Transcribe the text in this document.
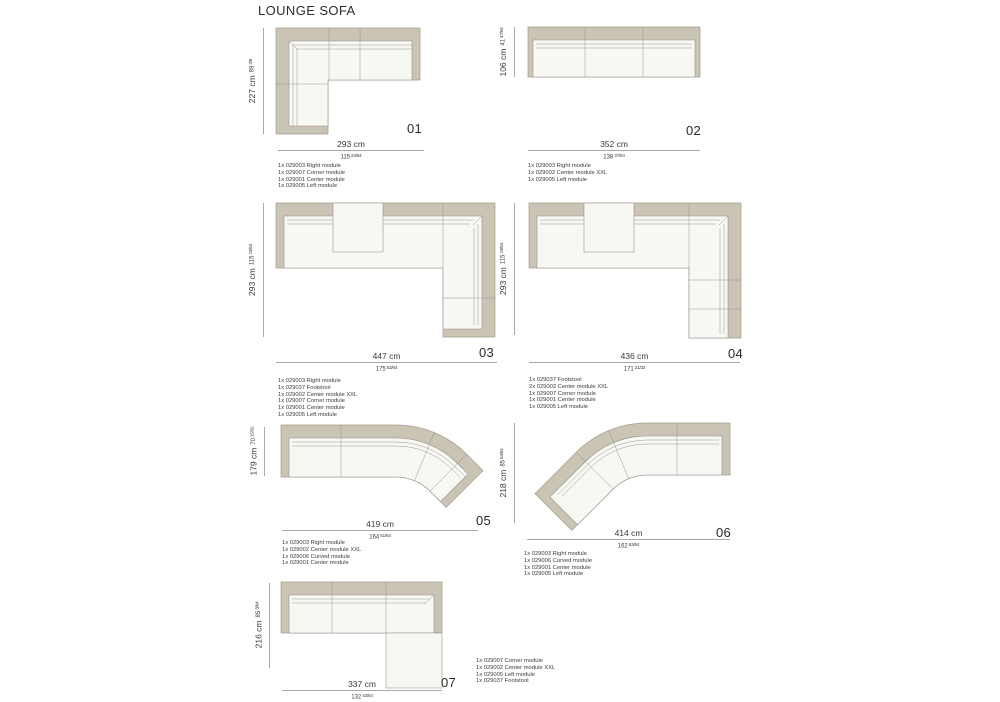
LOUNGE SOFA
227 cm
$89^{3/8}$
293 cm
$115^{23/64}$
01
1x 029003 Right module
1x 029007 Corner module
1x 029001 Center module
1x 029005 Left module
106 cm
$41^{47/64}$
352 cm
$138^{37/64}$
02
1x 029003 Right module
1x 029002 Center module XXL
1x 029005 Left module
293 cm
$115^{23/64}$
447 cm
$175^{63/64}$
03
1x 029003 Right module
1x 029037 Footstool
1x 029002 Center module XXL
1x 029007 Corner module
1x 029001 Center module
1x 029005 Left module
293 cm
$115^{23/64}$
436 cm
$171^{21/32}$
04
1x 029037 Footstool
2x 029002 Center module XXL
1x 029007 Corner module
1x 029001 Center module
1x 029005 Left module
179 cm
$70^{15/32}$
419 cm
$164^{61/64}$
05
1x 029003 Right module
1x 029002 Center module XXL
1x 029006 Curved module
1x 029001 Center module
218 cm
$85^{53/64}$
414 cm
$162^{63/64}$
06
1x 029003 Right module
1x 029006 Curved module
1x 029001 Center module
1x 029005 Left module
216 cm
$85^{3/64}$
337 cm
$132^{43/64}$
07
1x 029007 Corner module
1x 029002 Center module XXL
1x 029005 Left module
1x 029037 Footstool
